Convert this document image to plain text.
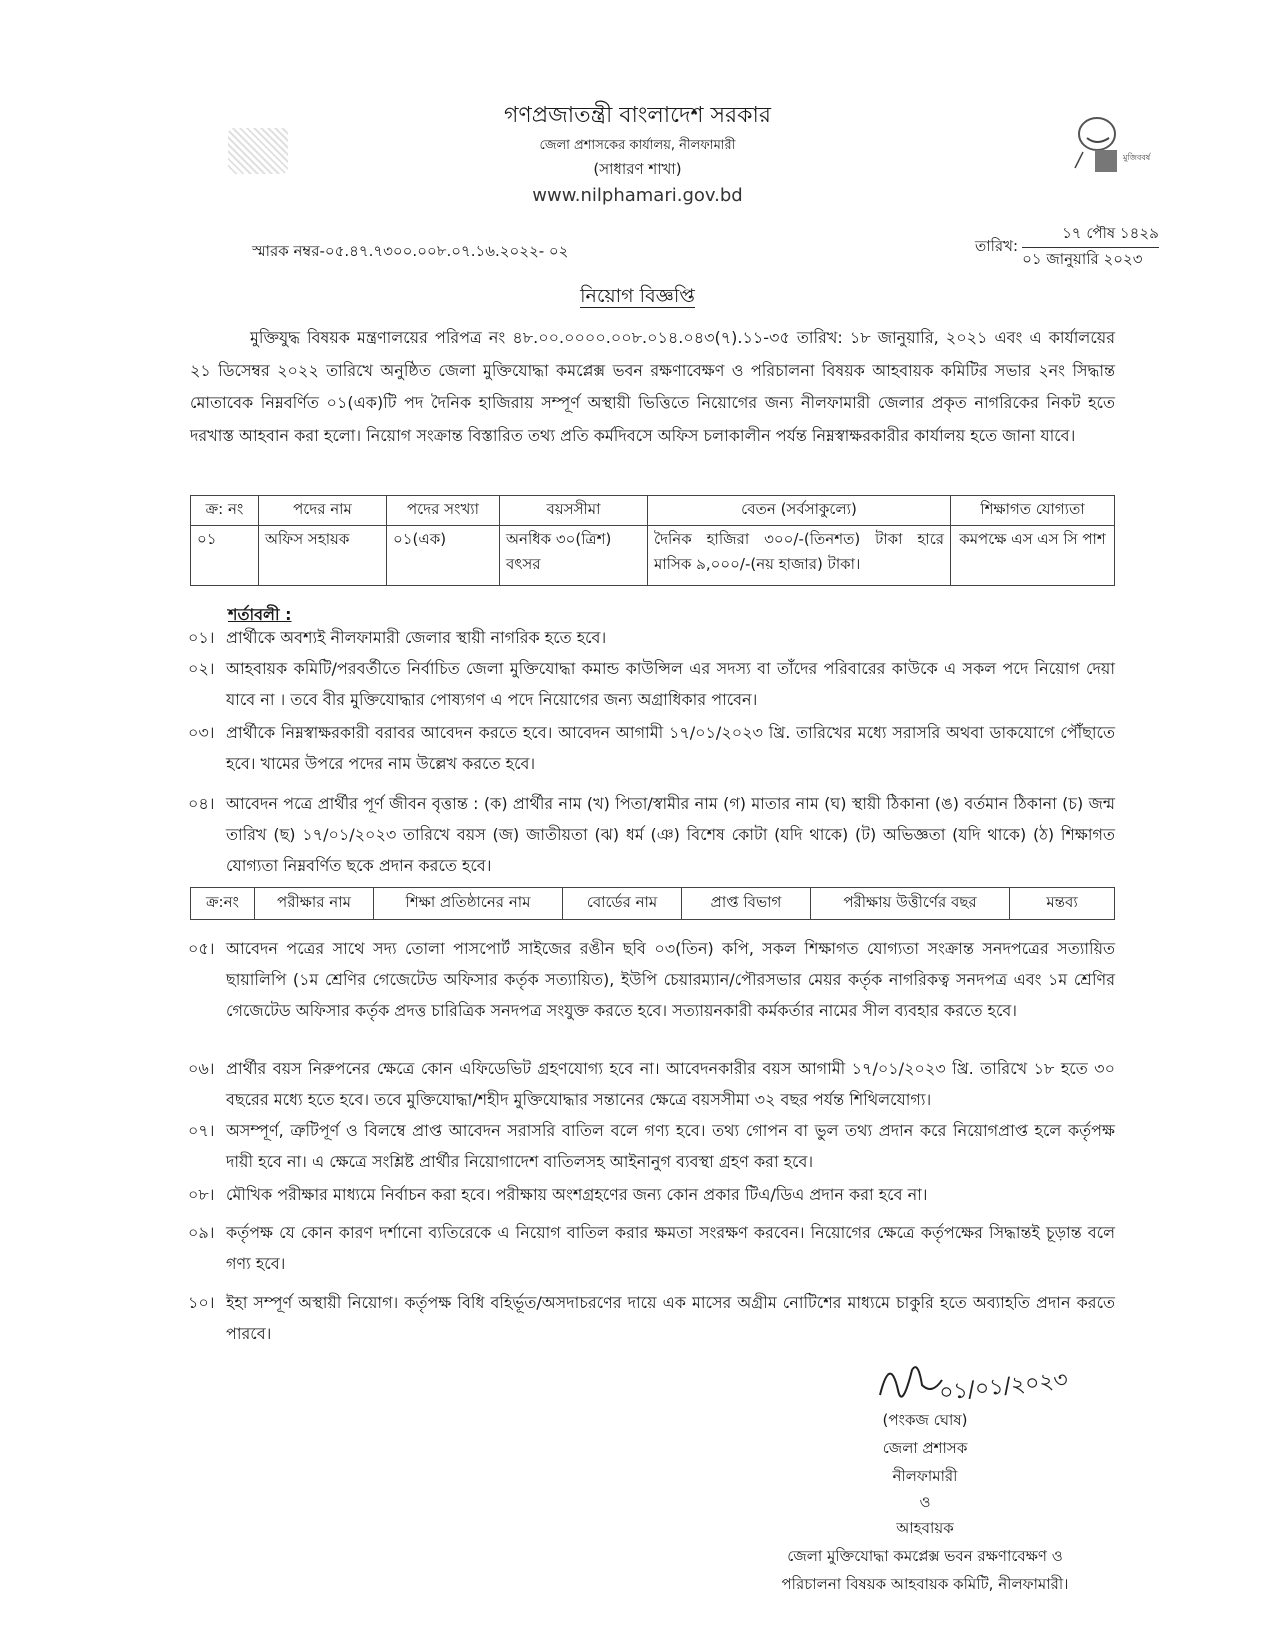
মুজিববর্ষ
গণপ্রজাতন্ত্রী বাংলাদেশ সরকার
জেলা প্রশাসকের কার্যালয়, নীলফামারী
(সাধারণ শাখা)
www.nilphamari.gov.bd
স্মারক নম্বর-০৫.৪৭.৭৩০০.০০৮.০৭.১৬.২০২২- ০২	তারিখ:
১৭ পৌষ ১৪২৯
০১ জানুয়ারি ২০২৩
নিয়োগ বিজ্ঞপ্তি
মুক্তিযুদ্ধ বিষয়ক মন্ত্রণালয়ের পরিপত্র নং ৪৮.০০.০০০০.০০৮.০১৪.০৪৩(৭).১১-৩৫ তারিখ: ১৮ জানুয়ারি, ২০২১ এবং এ কার্যালয়ের ২১ ডিসেম্বর ২০২২ তারিখে অনুষ্ঠিত জেলা মুক্তিযোদ্ধা কমপ্লেক্স ভবন রক্ষণাবেক্ষণ ও পরিচালনা বিষয়ক আহবায়ক কমিটির সভার ২নং সিদ্ধান্ত মোতাবেক নিম্নবর্ণিত ০১(এক)টি পদ দৈনিক হাজিরায় সম্পূর্ণ অস্থায়ী ভিত্তিতে নিয়োগের জন্য নীলফামারী জেলার প্রকৃত নাগরিকের নিকট হতে দরখাস্ত আহবান করা হলো। নিয়োগ সংক্রান্ত বিস্তারিত তথ্য প্রতি কর্মদিবসে অফিস চলাকালীন পর্যন্ত নিম্নস্বাক্ষরকারীর কার্যালয় হতে জানা যাবে।
ক্র: নং	পদের নাম	পদের সংখ্যা	বয়সসীমা	বেতন (সর্বসাকুল্যে)	শিক্ষাগত যোগ্যতা
০১	অফিস সহায়ক	০১(এক)	অনধিক ৩০(ত্রিশ) বৎসর	দৈনিক হাজিরা ৩০০/-(তিনশত) টাকা হারে মাসিক ৯,০০০/-(নয় হাজার) টাকা।	কমপক্ষে এস এস সি পাশ
শর্তাবলী :
০১। প্রার্থীকে অবশ্যই নীলফামারী জেলার স্থায়ী নাগরিক হতে হবে।
০২। আহবায়ক কমিটি/পরবর্তীতে নির্বাচিত জেলা মুক্তিযোদ্ধা কমান্ড কাউন্সিল এর সদস্য বা তাঁদের পরিবারের কাউকে এ সকল পদে নিয়োগ দেয়া যাবে না । তবে বীর মুক্তিযোদ্ধার পোষ্যগণ এ পদে নিয়োগের জন্য অগ্রাধিকার পাবেন।
০৩। প্রার্থীকে নিম্নস্বাক্ষরকারী বরাবর আবেদন করতে হবে। আবেদন আগামী ১৭/০১/২০২৩ খ্রি. তারিখের মধ্যে সরাসরি অথবা ডাকযোগে পৌঁছাতে হবে। খামের উপরে পদের নাম উল্লেখ করতে হবে।
০৪। আবেদন পত্রে প্রার্থীর পূর্ণ জীবন বৃত্তান্ত : (ক) প্রার্থীর নাম (খ) পিতা/স্বামীর নাম (গ) মাতার নাম (ঘ) স্থায়ী ঠিকানা (ঙ) বর্তমান ঠিকানা (চ) জন্ম তারিখ (ছ) ১৭/০১/২০২৩ তারিখে বয়স (জ) জাতীয়তা (ঝ) ধর্ম (ঞ) বিশেষ কোটা (যদি থাকে) (ট) অভিজ্ঞতা (যদি থাকে) (ঠ) শিক্ষাগত যোগ্যতা নিম্নবর্ণিত ছকে প্রদান করতে হবে।
ক্র:নং	পরীক্ষার নাম	শিক্ষা প্রতিষ্ঠানের নাম	বোর্ডের নাম	প্রাপ্ত বিভাগ	পরীক্ষায় উত্তীর্ণের বছর	মন্তব্য
০৫। আবেদন পত্রের সাথে সদ্য তোলা পাসপোর্ট সাইজের রঙীন ছবি ০৩(তিন) কপি, সকল শিক্ষাগত যোগ্যতা সংক্রান্ত সনদপত্রের সত্যায়িত ছায়ালিপি (১ম শ্রেণির গেজেটেড অফিসার কর্তৃক সত্যায়িত), ইউপি চেয়ারম্যান/পৌরসভার মেয়র কর্তৃক নাগরিকত্ব সনদপত্র এবং ১ম শ্রেণির গেজেটেড অফিসার কর্তৃক প্রদত্ত চারিত্রিক সনদপত্র সংযুক্ত করতে হবে। সত্যায়নকারী কর্মকর্তার নামের সীল ব্যবহার করতে হবে।
০৬। প্রার্থীর বয়স নিরুপনের ক্ষেত্রে কোন এফিডেভিট গ্রহণযোগ্য হবে না। আবেদনকারীর বয়স আগামী ১৭/০১/২০২৩ খ্রি. তারিখে ১৮ হতে ৩০ বছরের মধ্যে হতে হবে। তবে মুক্তিযোদ্ধা/শহীদ মুক্তিযোদ্ধার সন্তানের ক্ষেত্রে বয়সসীমা ৩২ বছর পর্যন্ত শিথিলযোগ্য।
০৭। অসম্পূর্ণ, ত্রুটিপূর্ণ ও বিলম্বে প্রাপ্ত আবেদন সরাসরি বাতিল বলে গণ্য হবে। তথ্য গোপন বা ভুল তথ্য প্রদান করে নিয়োগপ্রাপ্ত হলে কর্তৃপক্ষ দায়ী হবে না। এ ক্ষেত্রে সংশ্লিষ্ট প্রার্থীর নিয়োগাদেশ বাতিলসহ আইনানুগ ব্যবস্থা গ্রহণ করা হবে।
০৮। মৌখিক পরীক্ষার মাধ্যমে নির্বাচন করা হবে। পরীক্ষায় অংশগ্রহণের জন্য কোন প্রকার টিএ/ডিএ প্রদান করা হবে না।
০৯। কর্তৃপক্ষ যে কোন কারণ দর্শানো ব্যতিরেকে এ নিয়োগ বাতিল করার ক্ষমতা সংরক্ষণ করবেন। নিয়োগের ক্ষেত্রে কর্তৃপক্ষের সিদ্ধান্তই চূড়ান্ত বলে গণ্য হবে।
১০। ইহা সম্পূর্ণ অস্থায়ী নিয়োগ। কর্তৃপক্ষ বিধি বহির্ভূত/অসদাচরণের দায়ে এক মাসের অগ্রীম নোটিশের মাধ্যমে চাকুরি হতে অব্যাহতি প্রদান করতে পারবে।
০১/০১/২০২৩
(পংকজ ঘোষ)
জেলা প্রশাসক
নীলফামারী
ও
আহবায়ক
জেলা মুক্তিযোদ্ধা কমপ্লেক্স ভবন রক্ষণাবেক্ষণ ও
পরিচালনা বিষয়ক আহবায়ক কমিটি, নীলফামারী।
